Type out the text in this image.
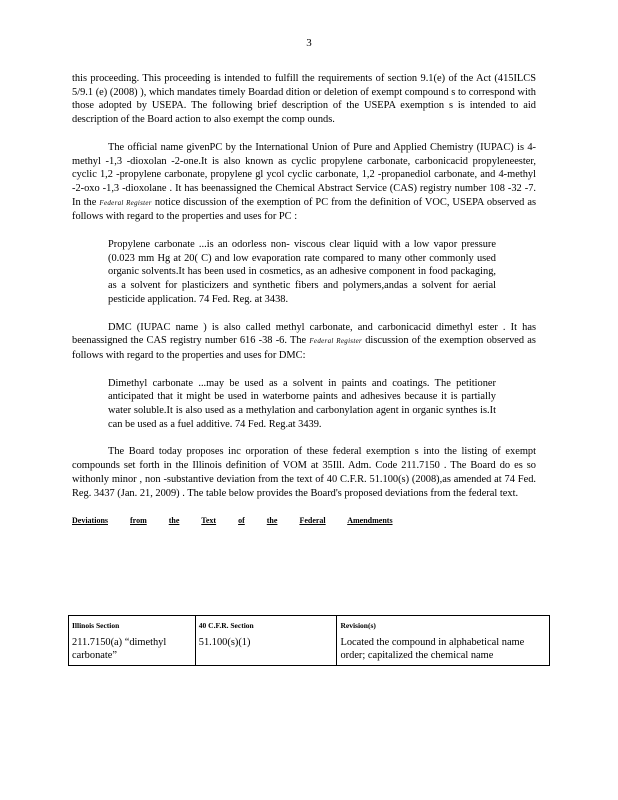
3

this proceeding. This proceeding is intended to fulfill the requirements of section 9.1(e) of the Act (415ILCS 5/9.1 (e) (2008) ), which mandates timely Boardad dition or deletion of exempt compound s to correspond with those adopted by USEPA. The following brief description of the USEPA exemption s is intended to aid description of the Board action to also exempt the comp ounds.

The official name givenPC by the International Union of Pure and Applied Chemistry (IUPAC) is 4-methyl -1,3 -dioxolan -2-one.It is also known as cyclic propylene carbonate, carbonicacid propyleneester, cyclic 1,2 -propylene carbonate, propylene gl ycol cyclic carbonate, 1,2 -propanediol carbonate, and 4-methyl -2-oxo -1,3 -dioxolane . It has beenassigned the Chemical Abstract Service (CAS) registry number 108 -32 -7. In the Federal Register notice discussion of the exemption of PC from the definition of VOC, USEPA observed as follows with regard to the properties and uses for PC :

Propylene carbonate ...is an odorless non- viscous clear liquid with a low vapor pressure (0.023 mm Hg at 20( C) and low evaporation rate compared to many other commonly used organic solvents.It has been used in cosmetics, as an adhesive component in food packaging, as a solvent for plasticizers and synthetic fibers and polymers,andas a solvent for aerial pesticide application. 74 Fed. Reg. at 3438.

DMC (IUPAC name ) is also called methyl carbonate, and carbonicacid dimethyl ester . It has beenassigned the CAS registry number 616 -38 -6. The Federal Register discussion of the exemption observed as follows with regard to the properties and uses for DMC:

Dimethyl carbonate ...may be used as a solvent in paints and coatings. The petitioner anticipated that it might be used in waterborne paints and adhesives because it is partially water soluble.It is also used as a methylation and carbonylation agent in organic synthes is.It can be used as a fuel additive. 74 Fed. Reg.at 3439.

The Board today proposes inc orporation of these federal exemption s into the listing of exempt compounds set forth in the Illinois definition of VOM at 35Ill. Adm. Code 211.7150 . The Board do es so withonly minor , non -substantive deviation from the text of 40 C.F.R. 51.100(s) (2008),as amended at 74 Fed. Reg. 3437 (Jan. 21, 2009) . The table below provides the Board's proposed deviations from the federal text.

Deviations	from	the	Text	of	the	Federal	Amendments
Illinois Section	40 C.F.R. Section	Revision(s)
211.7150(a) “dimethyl carbonate”	51.100(s)(1)	Located the compound in alphabetical name order; capitalized the chemical name
